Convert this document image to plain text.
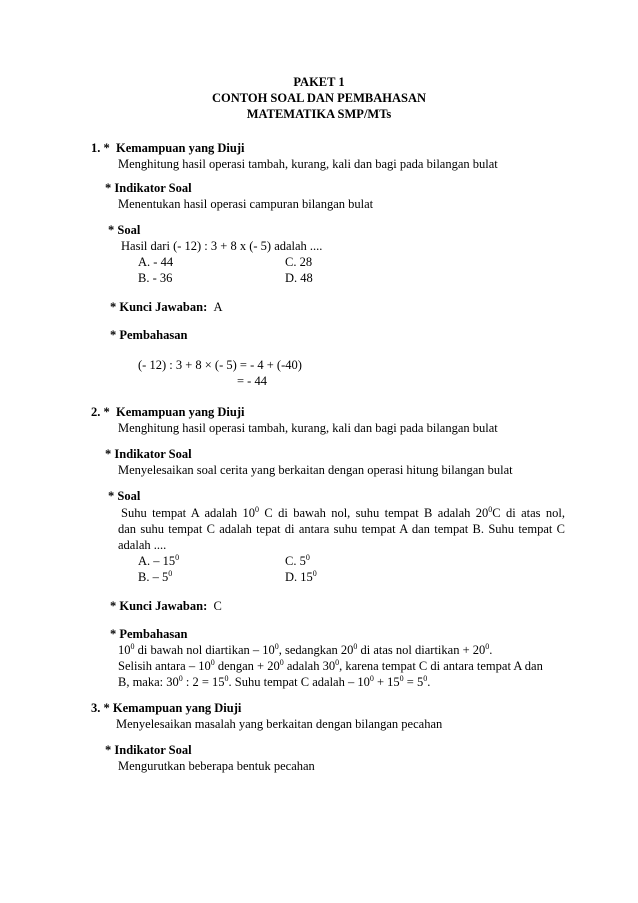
PAKET 1
CONTOH SOAL DAN PEMBAHASAN
MATEMATIKA SMP/MTs
1. * Kemampuan yang Diuji
Menghitung hasil operasi tambah, kurang, kali dan bagi pada bilangan bulat
* Indikator Soal
Menentukan hasil operasi campuran bilangan bulat
* Soal
Hasil dari (- 12) : 3 + 8 x (- 5) adalah ....
A. - 44	C. 28
B. - 36	D. 48
* Kunci Jawaban: A
* Pembahasan
(- 12) : 3 + 8 × (- 5) = - 4 + (-40)
= - 44
2. * Kemampuan yang Diuji
Menghitung hasil operasi tambah, kurang, kali dan bagi pada bilangan bulat
* Indikator Soal
Menyelesaikan soal cerita yang berkaitan dengan operasi hitung bilangan bulat
* Soal
Suhu tempat A adalah $10^0$ C di bawah nol, suhu tempat B adalah $20^0C$ di atas nol,
dan suhu tempat C adalah tepat di antara suhu tempat A dan tempat B. Suhu tempat C
adalah ....
A. – $15^0$	C. $5^0$
B. – $5^0$	D. $15^0$
* Kunci Jawaban: C
* Pembahasan
$10^0$ di bawah nol diartikan – $10^0$, sedangkan $20^0$ di atas nol diartikan + $20^0$.
Selisih antara – $10^0$ dengan + $20^0$ adalah $30^0$, karena tempat C di antara tempat A dan
B, maka: $30^0$ : $2 = 15^0$. Suhu tempat C adalah – $10^0 + 15^0 = 5^0$.
3. * Kemampuan yang Diuji
Menyelesaikan masalah yang berkaitan dengan bilangan pecahan
* Indikator Soal
Mengurutkan beberapa bentuk pecahan
